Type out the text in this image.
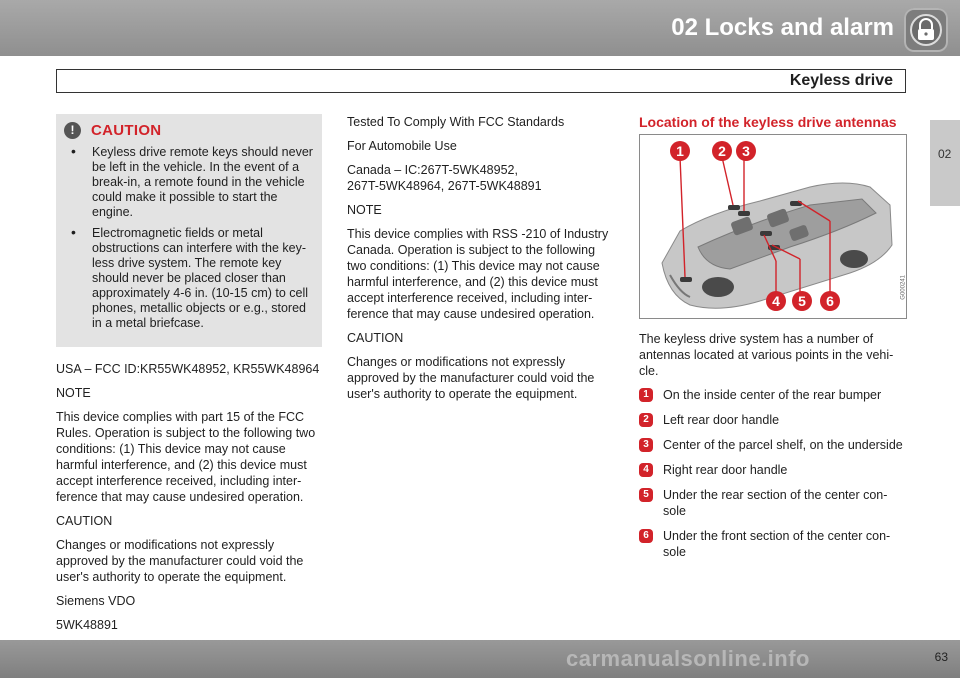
02 Locks and alarm
Keyless drive
02
!	CAUTION
• Keyless drive remote keys should never be left in the vehicle. In the event of a break-in, a remote found in the vehicle could make it possible to start the engine.
• Electromagnetic fields or metal obstructions can interfere with the key-less drive system. The remote key should never be placed closer than approximately 4-6 in. (10-15 cm) to cell phones, metallic objects or e.g., stored in a metal briefcase.

USA – FCC ID:KR55WK48952, KR55WK48964

NOTE

This device complies with part 15 of the FCC Rules. Operation is subject to the following two conditions: (1) This device may not cause harmful interference, and (2) this device must accept interference received, including inter-ference that may cause undesired operation.

CAUTION

Changes or modifications not expressly approved by the manufacturer could void the user's authority to operate the equipment.

Siemens VDO

5WK48891

Tested To Comply With FCC Standards

For Automobile Use

Canada – IC:267T-5WK48952,
267T-5WK48964, 267T-5WK48891

NOTE

This device complies with RSS -210 of Industry Canada. Operation is subject to the following two conditions: (1) This device may not cause harmful interference, and (2) this device must accept interference received, including inter-ference that may cause undesired operation.

CAUTION

Changes or modifications not expressly approved by the manufacturer could void the user's authority to operate the equipment.

Location of the keyless drive antennas
1 2 3
4 5 6
G000241

The keyless drive system has a number of antennas located at various points in the vehi-cle.

1	On the inside center of the rear bumper
2	Left rear door handle
3	Center of the parcel shelf, on the underside
4	Right rear door handle
5	Under the rear section of the center con-sole
6	Under the front section of the center con-sole
carmanualsonline.info	63
